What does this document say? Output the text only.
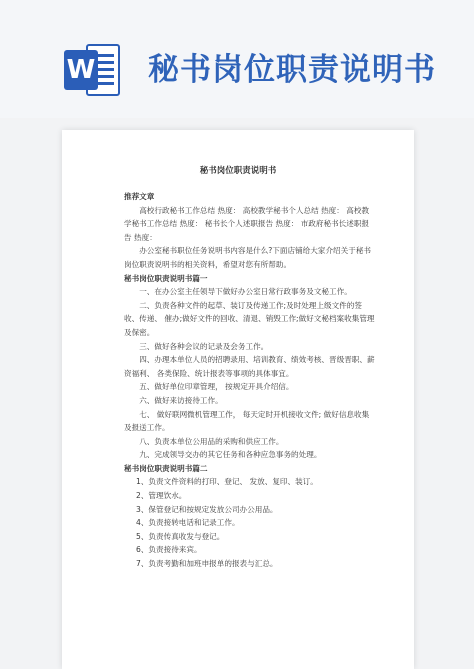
W 秘书岗位职责说明书
秘书岗位职责说明书

推荐文章

高校行政秘书工作总结 热度： 高校教学秘书个人总结 热度： 高校教学秘书工作总结 热度： 秘书长个人述职报告 热度： 市政府秘书长述职报告 热度：

办公室秘书职位任务说明书内容是什么?下面店铺给大家介绍关于秘书岗位职责说明书的相关资料，希望对您有所帮助。

秘书岗位职责说明书篇一

一、在办公室主任领导下做好办公室日常行政事务及文秘工作。

二、负责各种文件的起草、装订及传递工作;及时处理上级文件的签收、传递、 催办;做好文件的回收、清退、销毁工作;做好文秘档案收集管理及保密。

三、做好各种会议的记录及会务工作。

四、办理本单位人员的招聘录用、培训教育、绩效考核、晋级晋职、薪资福利、 各类保险、统计报表等事项的具体事宜。

五、做好单位印章管理， 按规定开具介绍信。

六、做好来访接待工作。

七、 做好联网微机管理工作， 每天定时开机接收文件; 做好信息收集及报送工作。

八、负责本单位公用品的采购和供应工作。

九、完成领导交办的其它任务和各种应急事务的处理。

秘书岗位职责说明书篇二

1、负责文件资料的打印、登记、 发放、复印、装订。

2、管理饮水。

3、保管登记和按规定发放公司办公用品。

4、负责接转电话和记录工作。

5、负责传真收发与登记。

6、负责接待来宾。

7、负责考勤和加班申报单的报表与汇总。
